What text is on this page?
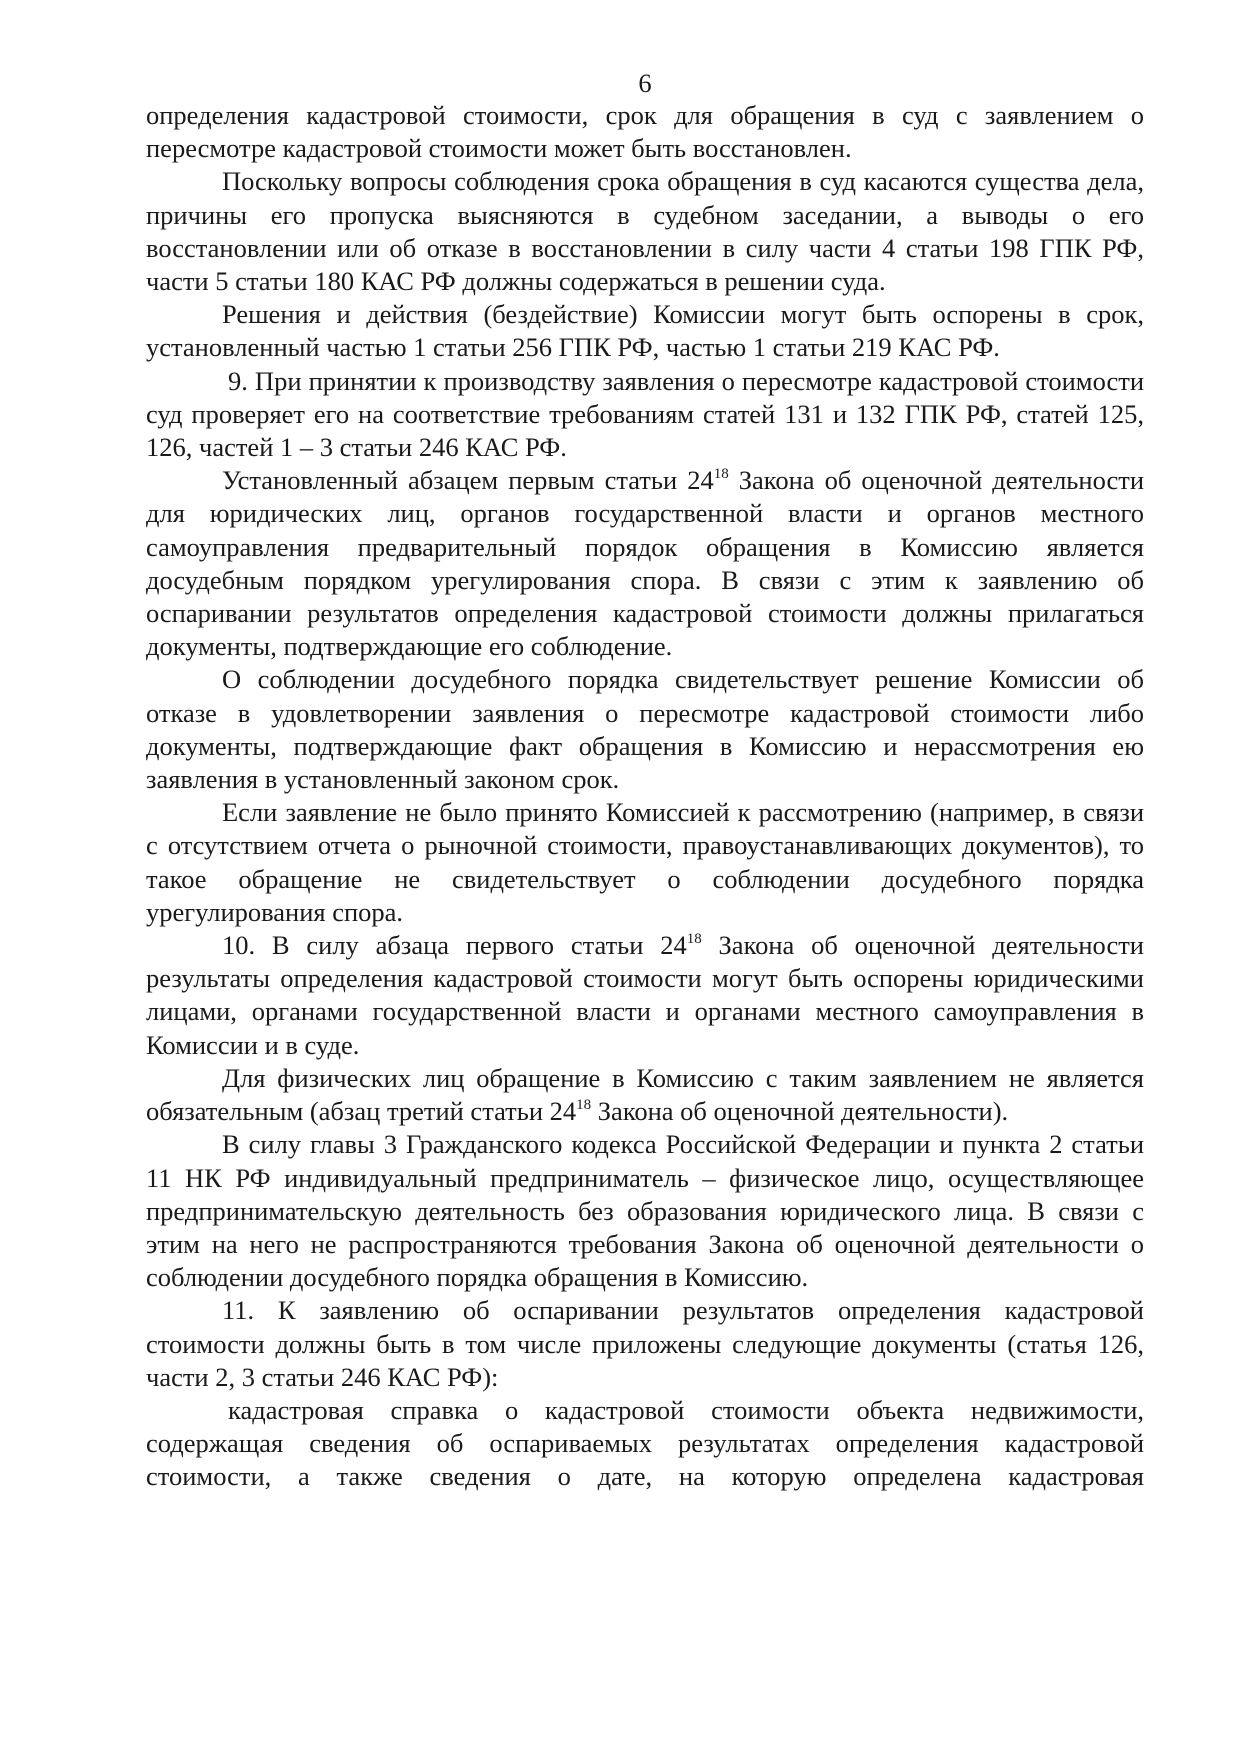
6

определения кадастровой стоимости, срок для обращения в суд с заявлением о пересмотре кадастровой стоимости может быть восстановлен.

Поскольку вопросы соблюдения срока обращения в суд касаются существа дела, причины его пропуска выясняются в судебном заседании, а выводы о его восстановлении или об отказе в восстановлении в силу части 4 статьи 198 ГПК РФ, части 5 статьи 180 КАС РФ должны содержаться в решении суда.

Решения и действия (бездействие) Комиссии могут быть оспорены в срок, установленный частью 1 статьи 256 ГПК РФ, частью 1 статьи 219 КАС РФ.

9. При принятии к производству заявления о пересмотре кадастровой стоимости суд проверяет его на соответствие требованиям статей 131 и 132 ГПК РФ, статей 125, 126, частей 1 – 3 статьи 246 КАС РФ.

Установленный абзацем первым статьи $24^{18}$ Закона об оценочной деятельности для юридических лиц, органов государственной власти и органов местного самоуправления предварительный порядок обращения в Комиссию является досудебным порядком урегулирования спора. В связи с этим к заявлению об оспаривании результатов определения кадастровой стоимости должны прилагаться документы, подтверждающие его соблюдение.

О соблюдении досудебного порядка свидетельствует решение Комиссии об отказе в удовлетворении заявления о пересмотре кадастровой стоимости либо документы, подтверждающие факт обращения в Комиссию и нерассмотрения ею заявления в установленный законом срок.

Если заявление не было принято Комиссией к рассмотрению (например, в связи с отсутствием отчета о рыночной стоимости, правоустанавливающих документов), то такое обращение не свидетельствует о соблюдении досудебного порядка урегулирования спора.

10. В силу абзаца первого статьи $24^{18}$ Закона об оценочной деятельности результаты определения кадастровой стоимости могут быть оспорены юридическими лицами, органами государственной власти и органами местного самоуправления в Комиссии и в суде.

Для физических лиц обращение в Комиссию с таким заявлением не является обязательным (абзац третий статьи $24^{18}$ Закона об оценочной деятельности).

В силу главы 3 Гражданского кодекса Российской Федерации и пункта 2 статьи 11 НК РФ индивидуальный предприниматель – физическое лицо, осуществляющее предпринимательскую деятельность без образования юридического лица. В связи с этим на него не распространяются требования Закона об оценочной деятельности о соблюдении досудебного порядка обращения в Комиссию.

11. К заявлению об оспаривании результатов определения кадастровой стоимости должны быть в том числе приложены следующие документы (статья 126, части 2, 3 статьи 246 КАС РФ):

кадастровая справка о кадастровой стоимости объекта недвижимости, содержащая сведения об оспариваемых результатах определения кадастровой стоимости, а также сведения о дате, на которую определена кадастровая
